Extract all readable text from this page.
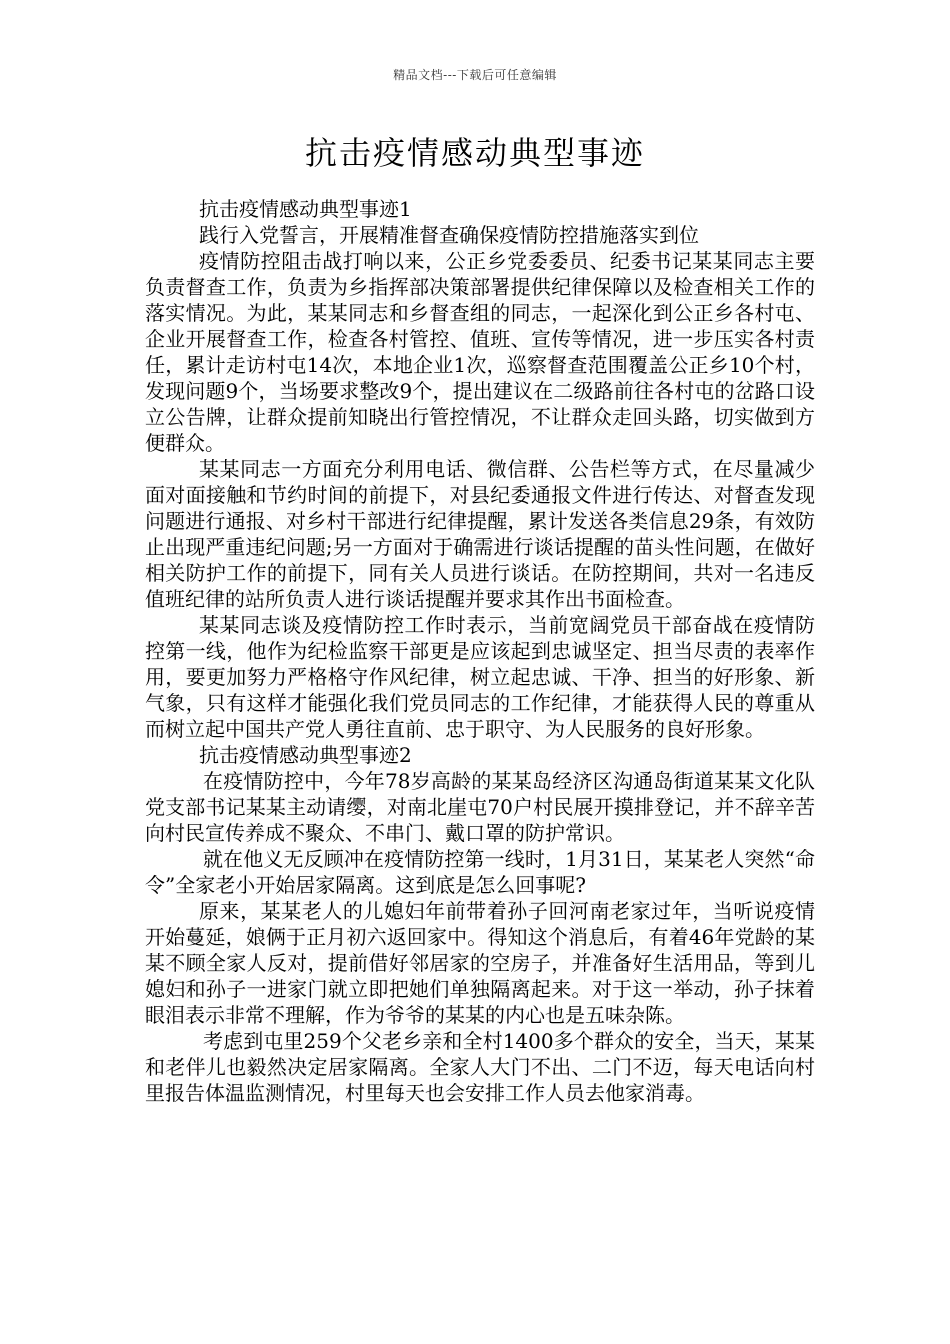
精品文档---下载后可任意编辑
抗击疫情感动典型事迹

抗击疫情感动典型事迹1

践行入党誓言，开展精准督查确保疫情防控措施落实到位

疫情防控阻击战打响以来，公正乡党委委员、纪委书记某某同志主要负责督查工作，负责为乡指挥部决策部署提供纪律保障以及检查相关工作的落实情况。为此，某某同志和乡督查组的同志，一起深化到公正乡各村屯、企业开展督查工作，检查各村管控、值班、宣传等情况，进一步压实各村责任，累计走访村屯14次，本地企业1次，巡察督查范围覆盖公正乡10个村，发现问题9个，当场要求整改9个，提出建议在二级路前往各村屯的岔路口设立公告牌，让群众提前知晓出行管控情况，不让群众走回头路，切实做到方便群众。

某某同志一方面充分利用电话、微信群、公告栏等方式，在尽量减少面对面接触和节约时间的前提下，对县纪委通报文件进行传达、对督查发现问题进行通报、对乡村干部进行纪律提醒，累计发送各类信息29条，有效防止出现严重违纪问题;另一方面对于确需进行谈话提醒的苗头性问题，在做好相关防护工作的前提下，同有关人员进行谈话。在防控期间，共对一名违反值班纪律的站所负责人进行谈话提醒并要求其作出书面检查。

某某同志谈及疫情防控工作时表示，当前宽阔党员干部奋战在疫情防控第一线，他作为纪检监察干部更是应该起到忠诚坚定、担当尽责的表率作用，要更加努力严格格守作风纪律，树立起忠诚、干净、担当的好形象、新气象，只有这样才能强化我们党员同志的工作纪律，才能获得人民的尊重从而树立起中国共产党人勇往直前、忠于职守、为人民服务的良好形象。

抗击疫情感动典型事迹2

在疫情防控中，今年78岁高龄的某某岛经济区沟通岛街道某某文化队党支部书记某某主动请缨，对南北崖屯70户村民展开摸排登记，并不辞辛苦向村民宣传养成不聚众、不串门、戴口罩的防护常识。

就在他义无反顾冲在疫情防控第一线时，1月31日，某某老人突然“命令”全家老小开始居家隔离。这到底是怎么回事呢?

原来，某某老人的儿媳妇年前带着孙子回河南老家过年，当听说疫情开始蔓延，娘俩于正月初六返回家中。得知这个消息后，有着46年党龄的某某不顾全家人反对，提前借好邻居家的空房子，并准备好生活用品，等到儿媳妇和孙子一进家门就立即把她们单独隔离起来。对于这一举动，孙子抹着眼泪表示非常不理解，作为爷爷的某某的内心也是五味杂陈。

考虑到屯里259个父老乡亲和全村1400多个群众的安全，当天，某某和老伴儿也毅然决定居家隔离。全家人大门不出、二门不迈，每天电话向村里报告体温监测情况，村里每天也会安排工作人员去他家消毒。
